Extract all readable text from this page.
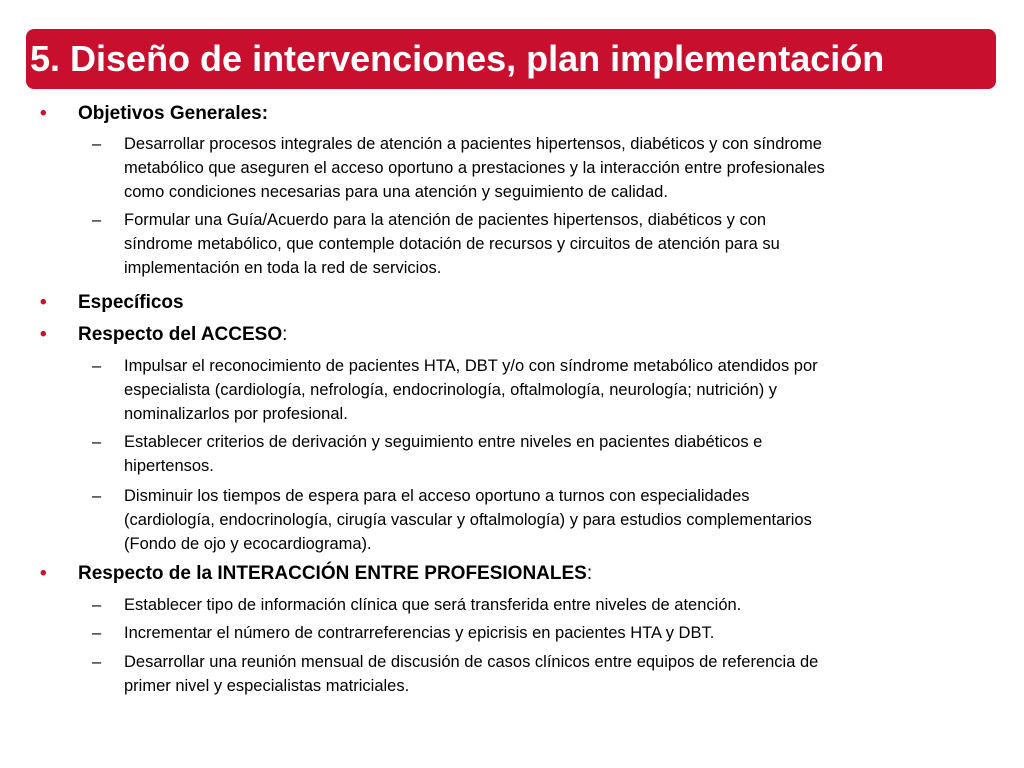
5. Diseño de intervenciones, plan implementación
• Objetivos Generales:
– Desarrollar procesos integrales de atención a pacientes hipertensos, diabéticos y con síndrome
metabólico que aseguren el acceso oportuno a prestaciones y la interacción entre profesionales
como condiciones necesarias para una atención y seguimiento de calidad.
– Formular una Guía/Acuerdo para la atención de pacientes hipertensos, diabéticos y con
síndrome metabólico, que contemple dotación de recursos y circuitos de atención para su
implementación en toda la red de servicios.
• Específicos
• Respecto del ACCESO:
– Impulsar el reconocimiento de pacientes HTA, DBT y/o con síndrome metabólico atendidos por
especialista (cardiología, nefrología, endocrinología, oftalmología, neurología; nutrición) y
nominalizarlos por profesional.
– Establecer criterios de derivación y seguimiento entre niveles en pacientes diabéticos e
hipertensos.
– Disminuir los tiempos de espera para el acceso oportuno a turnos con especialidades
(cardiología, endocrinología, cirugía vascular y oftalmología) y para estudios complementarios
(Fondo de ojo y ecocardiograma).
• Respecto de la INTERACCIÓN ENTRE PROFESIONALES:
– Establecer tipo de información clínica que será transferida entre niveles de atención.
– Incrementar el número de contrarreferencias y epicrisis en pacientes HTA y DBT.
– Desarrollar una reunión mensual de discusión de casos clínicos entre equipos de referencia de
primer nivel y especialistas matriciales.
